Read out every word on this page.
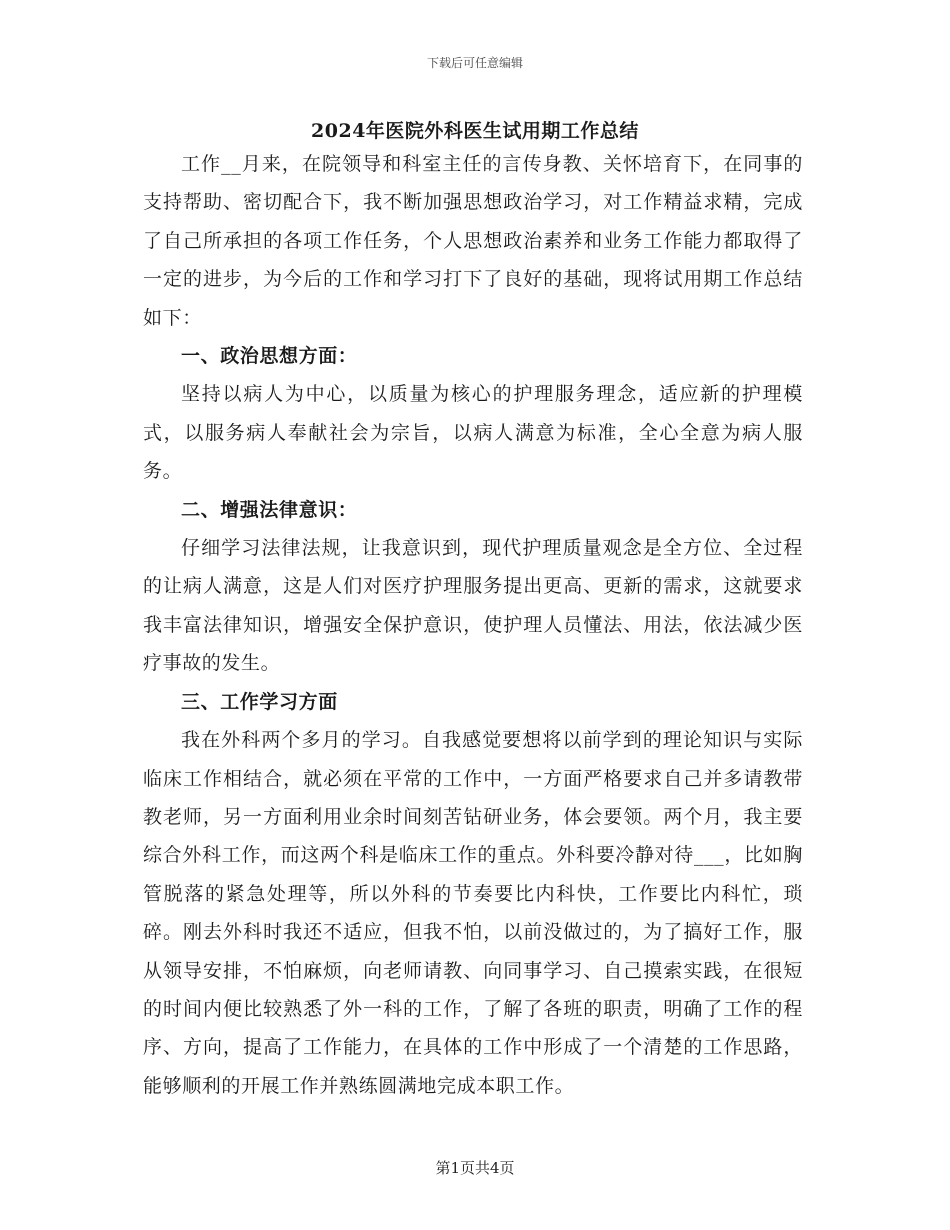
下载后可任意编辑
2024年医院外科医生试用期工作总结

工作__月来，在院领导和科室主任的言传身教、关怀培育下，在同事的支持帮助、密切配合下，我不断加强思想政治学习，对工作精益求精，完成了自己所承担的各项工作任务，个人思想政治素养和业务工作能力都取得了一定的进步，为今后的工作和学习打下了良好的基础，现将试用期工作总结如下：

一、政治思想方面：

坚持以病人为中心，以质量为核心的护理服务理念，适应新的护理模式，以服务病人奉献社会为宗旨，以病人满意为标准，全心全意为病人服务。

二、增强法律意识：

仔细学习法律法规，让我意识到，现代护理质量观念是全方位、全过程的让病人满意，这是人们对医疗护理服务提出更高、更新的需求，这就要求我丰富法律知识，增强安全保护意识，使护理人员懂法、用法，依法减少医疗事故的发生。

三、工作学习方面

我在外科两个多月的学习。自我感觉要想将以前学到的理论知识与实际临床工作相结合，就必须在平常的工作中，一方面严格要求自己并多请教带教老师，另一方面利用业余时间刻苦钻研业务，体会要领。两个月，我主要综合外科工作，而这两个科是临床工作的重点。外科要冷静对待___，比如胸管脱落的紧急处理等，所以外科的节奏要比内科快，工作要比内科忙，琐碎。刚去外科时我还不适应，但我不怕，以前没做过的，为了搞好工作，服从领导安排，不怕麻烦，向老师请教、向同事学习、自己摸索实践，在很短的时间内便比较熟悉了外一科的工作，了解了各班的职责，明确了工作的程序、方向，提高了工作能力，在具体的工作中形成了一个清楚的工作思路，能够顺利的开展工作并熟练圆满地完成本职工作。

第1页共4页
